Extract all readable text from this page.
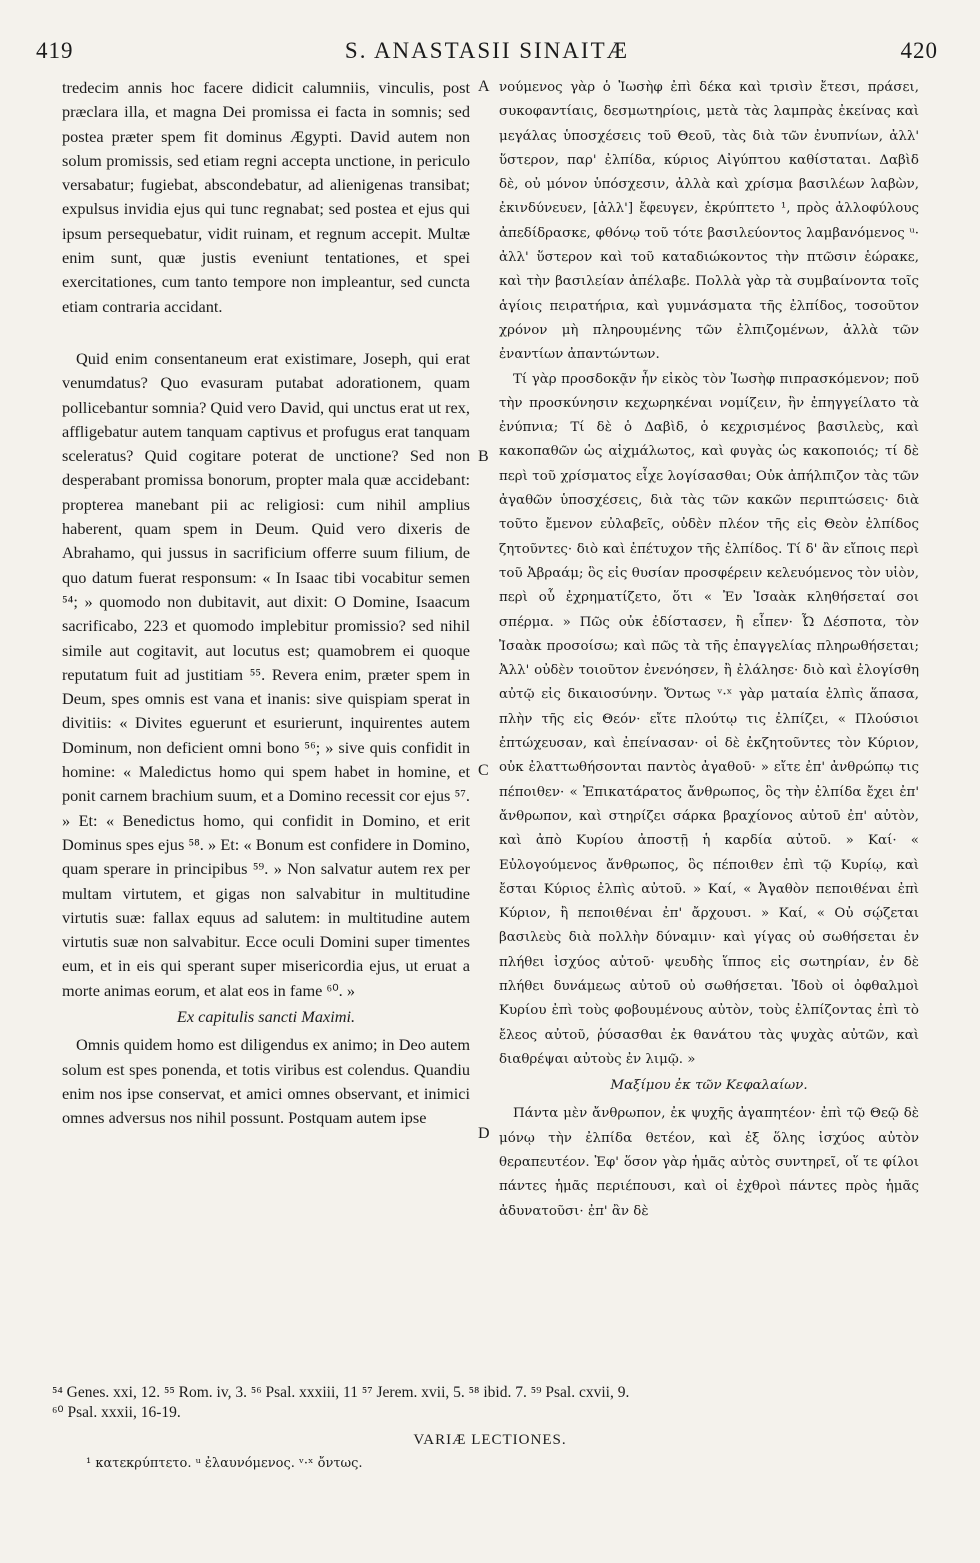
419	S. ANASTASII SINAITÆ	420

tredecim annis hoc facere didicit calumniis, vinculis, post præclara illa, et magna Dei promissa ei facta in somnis; sed postea præter spem fit dominus Ægypti. David autem non solum promissis, sed etiam regni accepta unctione, in periculo versabatur; fugiebat, abscondebatur, ad alienigenas transibat; expulsus invidia ejus qui tunc regnabat; sed postea et ejus qui ipsum persequebatur, vidit ruinam, et regnum accepit. Multæ enim sunt, quæ justis eveniunt tentationes, et spei exercitationes, cum tanto tempore non impleantur, sed cuncta etiam contraria accidant.

Quid enim consentaneum erat existimare, Joseph, qui erat venumdatus? Quo evasuram putabat adorationem, quam pollicebantur somnia? Quid vero David, qui unctus erat ut rex, affligebatur autem tanquam captivus et profugus erat tanquam sceleratus? Quid cogitare poterat de unctione? Sed non desperabant promissa bonorum, propter mala quæ accidebant: propterea manebant pii ac religiosi: cum nihil amplius haberent, quam spem in Deum. Quid vero dixeris de Abrahamo, qui jussus in sacrificium offerre suum filium, de quo datum fuerat responsum: « In Isaac tibi vocabitur semen ⁵⁴; » quomodo non dubitavit, aut dixit: O Domine, Isaacum sacrificabo, 223 et quomodo implebitur promissio? sed nihil simile aut cogitavit, aut locutus est; quamobrem ei quoque reputatum fuit ad justitiam ⁵⁵. Revera enim, præter spem in Deum, spes omnis est vana et inanis: sive quispiam sperat in divitiis: « Divites eguerunt et esurierunt, inquirentes autem Dominum, non deficient omni bono ⁵⁶; » sive quis confidit in homine: « Maledictus homo qui spem habet in homine, et ponit carnem brachium suum, et a Domino recessit cor ejus ⁵⁷. » Et: « Benedictus homo, qui confidit in Domino, et erit Dominus spes ejus ⁵⁸. » Et: « Bonum est confidere in Domino, quam sperare in principibus ⁵⁹. » Non salvatur autem rex per multam virtutem, et gigas non salvabitur in multitudine virtutis suæ: fallax equus ad salutem: in multitudine autem virtutis suæ non salvabitur. Ecce oculi Domini super timentes eum, et in eis qui sperant super misericordia ejus, ut eruat a morte animas eorum, et alat eos in fame ⁶⁰. »

Ex capitulis sancti Maximi.

Omnis quidem homo est diligendus ex animo; in Deo autem solum est spes ponenda, et totis viribus est colendus. Quandiu enim nos ipse conservat, et amici omnes observant, et inimici omnes adversus nos nihil possunt. Postquam autem ipse

A
B
C
D

νούμενος γὰρ ὁ Ἰωσὴφ ἐπὶ δέκα καὶ τρισὶν ἔτεσι, πράσει, συκοφαντίαις, δεσμωτηρίοις, μετὰ τὰς λαμπρὰς ἐκείνας καὶ μεγάλας ὑποσχέσεις τοῦ Θεοῦ, τὰς διὰ τῶν ἐνυπνίων, ἀλλ' ὕστερον, παρ' ἐλπίδα, κύριος Αἰγύπτου καθίσταται. Δαβὶδ δὲ, οὐ μόνον ὑπόσχεσιν, ἀλλὰ καὶ χρίσμα βασιλέων λαβὼν, ἐκινδύνευεν, [ἀλλ'] ἔφευγεν, ἐκρύπτετο ¹, πρὸς ἀλλοφύλους ἀπεδίδρασκε, φθόνῳ τοῦ τότε βασιλεύοντος λαμβανόμενος ᵘ· ἀλλ' ὕστερον καὶ τοῦ καταδιώκοντος τὴν πτῶσιν ἑώρακε, καὶ τὴν βασιλείαν ἀπέλαβε. Πολλὰ γὰρ τὰ συμβαίνοντα τοῖς ἁγίοις πειρατήρια, καὶ γυμνάσματα τῆς ἐλπίδος, τοσοῦτον χρόνον μὴ πληρουμένης τῶν ἐλπιζομένων, ἀλλὰ τῶν ἐναντίων ἀπαντώντων.

Τί γὰρ προσδοκᾷν ἦν εἰκὸς τὸν Ἰωσὴφ πιπρασκόμενον; ποῦ τὴν προσκύνησιν κεχωρηκέναι νομίζειν, ἣν ἐπηγγείλατο τὰ ἐνύπνια; Τί δὲ ὁ Δαβὶδ, ὁ κεχρισμένος βασιλεὺς, καὶ κακοπαθῶν ὡς αἰχμάλωτος, καὶ φυγὰς ὡς κακοποιός; τί δὲ περὶ τοῦ χρίσματος εἶχε λογίσασθαι; Οὐκ ἀπήλπιζον τὰς τῶν ἀγαθῶν ὑποσχέσεις, διὰ τὰς τῶν κακῶν περιπτώσεις· διὰ τοῦτο ἔμενον εὐλαβεῖς, οὐδὲν πλέον τῆς εἰς Θεὸν ἐλπίδος ζητοῦντες· διὸ καὶ ἐπέτυχον τῆς ἐλπίδος. Τί δ' ἂν εἴποις περὶ τοῦ Ἀβραάμ; ὃς εἰς θυσίαν προσφέρειν κελευόμενος τὸν υἱὸν, περὶ οὗ ἐχρηματίζετο, ὅτι « Ἐν Ἰσαὰκ κληθήσεταί σοι σπέρμα. » Πῶς οὐκ ἐδίστασεν, ἢ εἶπεν· Ὦ Δέσποτα, τὸν Ἰσαὰκ προσοίσω; καὶ πῶς τὰ τῆς ἐπαγγελίας πληρωθήσεται; Ἀλλ' οὐδὲν τοιοῦτον ἐνενόησεν, ἢ ἐλάλησε· διὸ καὶ ἐλογίσθη αὐτῷ εἰς δικαιοσύνην. Ὄντως ᵛ·ˣ γὰρ ματαία ἐλπὶς ἅπασα, πλὴν τῆς εἰς Θεόν· εἴτε πλούτῳ τις ἐλπίζει, « Πλούσιοι ἐπτώχευσαν, καὶ ἐπείνασαν· οἱ δὲ ἐκζητοῦντες τὸν Κύριον, οὐκ ἐλαττωθήσονται παντὸς ἀγαθοῦ· » εἴτε ἐπ' ἀνθρώπῳ τις πέποιθεν· « Ἐπικατάρατος ἄνθρωπος, ὃς τὴν ἐλπίδα ἔχει ἐπ' ἄνθρωπον, καὶ στηρίζει σάρκα βραχίονος αὐτοῦ ἐπ' αὐτὸν, καὶ ἀπὸ Κυρίου ἀποστῇ ἡ καρδία αὐτοῦ. » Καί· « Εὐλογούμενος ἄνθρωπος, ὃς πέποιθεν ἐπὶ τῷ Κυρίῳ, καὶ ἔσται Κύριος ἐλπὶς αὐτοῦ. » Καί, « Ἀγαθὸν πεποιθέναι ἐπὶ Κύριον, ἢ πεποιθέναι ἐπ' ἄρχουσι. » Καί, « Οὐ σῴζεται βασιλεὺς διὰ πολλὴν δύναμιν· καὶ γίγας οὐ σωθήσεται ἐν πλήθει ἰσχύος αὐτοῦ· ψευδὴς ἵππος εἰς σωτηρίαν, ἐν δὲ πλήθει δυνάμεως αὐτοῦ οὐ σωθήσεται. Ἰδοὺ οἱ ὀφθαλμοὶ Κυρίου ἐπὶ τοὺς φοβουμένους αὐτὸν, τοὺς ἐλπίζοντας ἐπὶ τὸ ἔλεος αὐτοῦ, ῥύσασθαι ἐκ θανάτου τὰς ψυχὰς αὐτῶν, καὶ διαθρέψαι αὐτοὺς ἐν λιμῷ. »

Μαξίμου ἐκ τῶν Κεφαλαίων.

Πάντα μὲν ἄνθρωπον, ἐκ ψυχῆς ἀγαπητέον· ἐπὶ τῷ Θεῷ δὲ μόνῳ τὴν ἐλπίδα θετέον, καὶ ἐξ ὅλης ἰσχύος αὐτὸν θεραπευτέον. Ἐφ' ὅσον γὰρ ἡμᾶς αὐτὸς συντηρεῖ, οἵ τε φίλοι πάντες ἡμᾶς περιέπουσι, καὶ οἱ ἐχθροὶ πάντες πρὸς ἡμᾶς ἀδυνατοῦσι· ἐπ' ἂν δὲ

⁵⁴ Genes. xxi, 12. ⁵⁵ Rom. iv, 3. ⁵⁶ Psal. xxxiii, 11 ⁵⁷ Jerem. xvii, 5. ⁵⁸ ibid. 7. ⁵⁹ Psal. cxvii, 9.
⁶⁰ Psal. xxxii, 16-19.
VARIÆ LECTIONES.
¹ κατεκρύπτετο. ᵘ ἐλαυνόμενος. ᵛ·ˣ ὄντως.
